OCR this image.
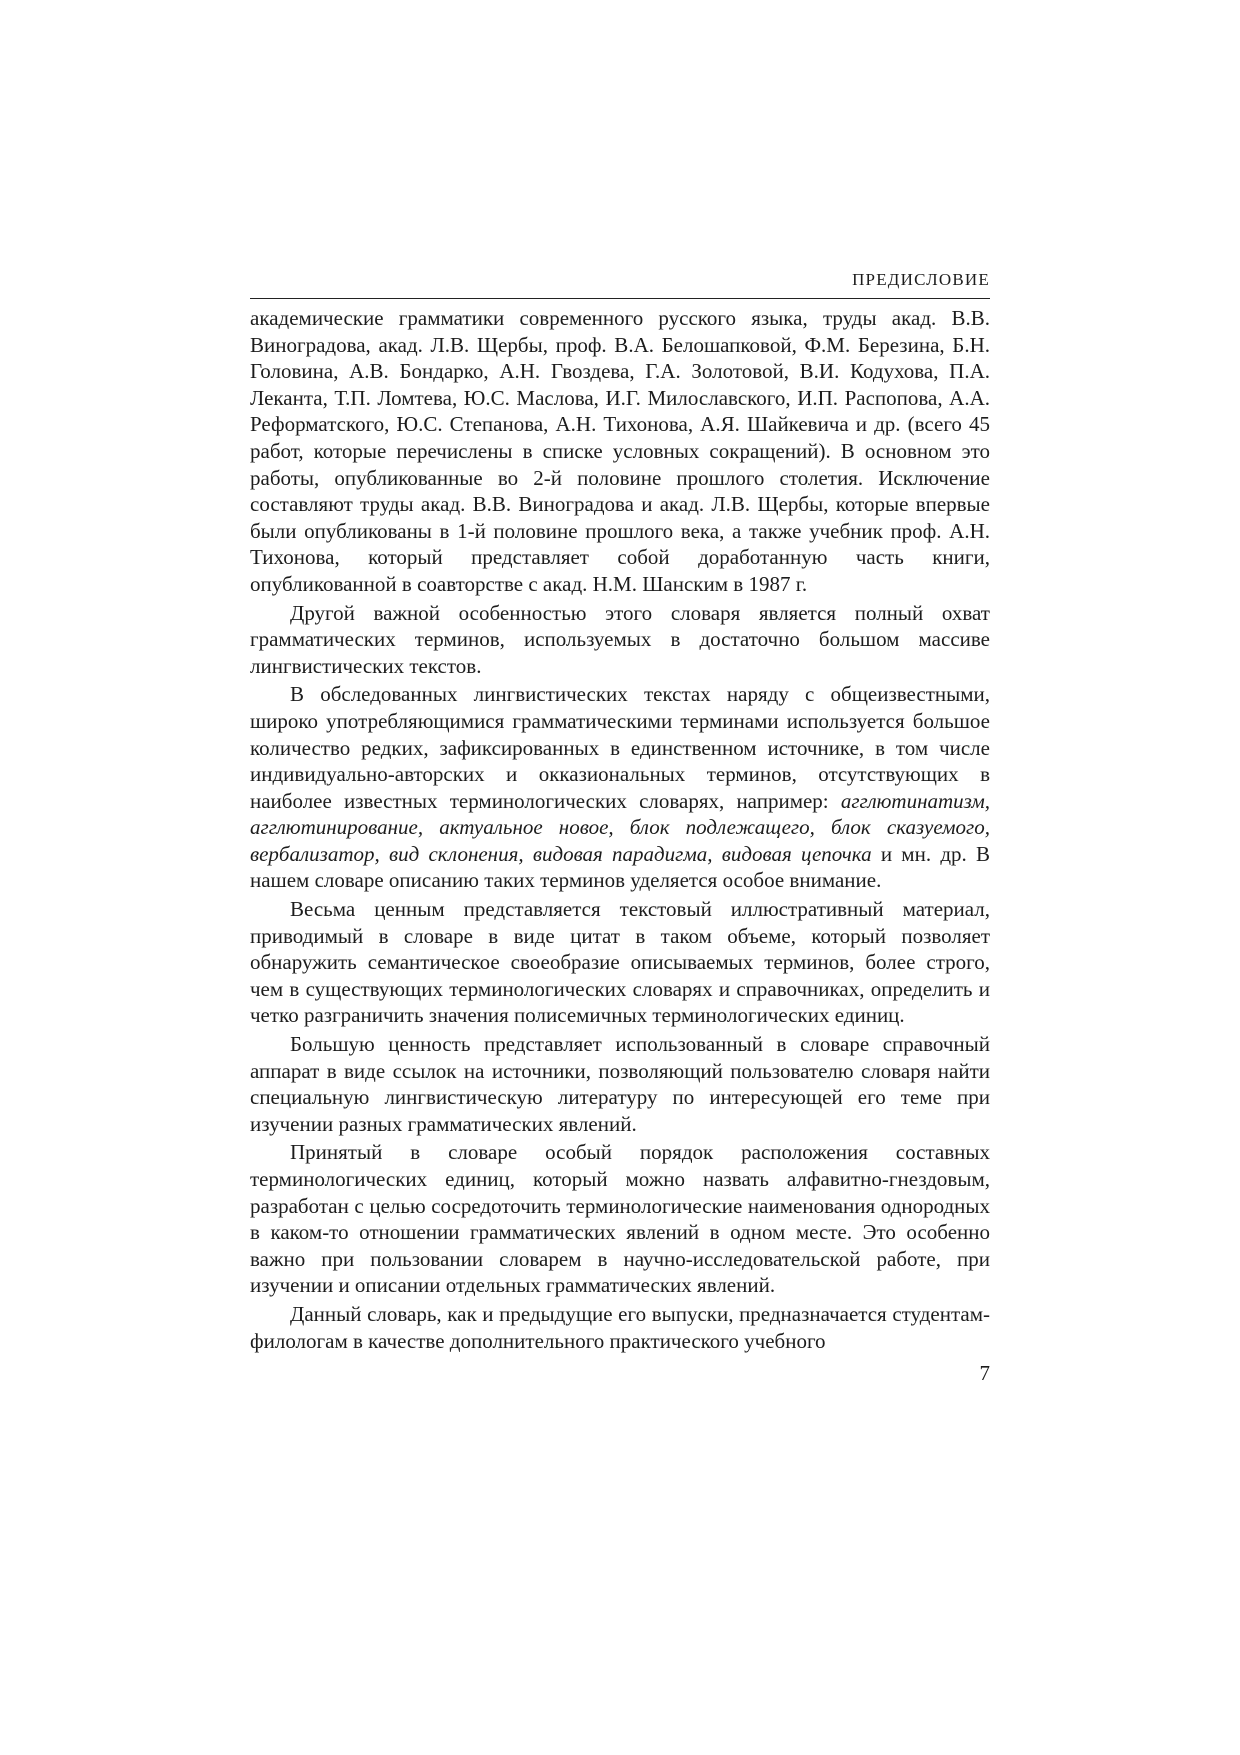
ПРЕДИСЛОВИЕ

академические грамматики современного русского языка, труды акад. В.В. Виноградова, акад. Л.В. Щербы, проф. В.А. Белошапковой, Ф.М. Березина, Б.Н. Головина, А.В. Бондарко, А.Н. Гвоздева, Г.А. Золотовой, В.И. Кодухова, П.А. Леканта, Т.П. Ломтева, Ю.С. Маслова, И.Г. Милославского, И.П. Распопова, А.А. Реформатского, Ю.С. Степанова, А.Н. Тихонова, А.Я. Шайкевича и др. (всего 45 работ, которые перечислены в списке условных сокращений). В основном это работы, опубликованные во 2-й половине прошлого столетия. Исключение составляют труды акад. В.В. Виноградова и акад. Л.В. Щербы, которые впервые были опубликованы в 1-й половине прошлого века, а также учебник проф. А.Н. Тихонова, который представляет собой доработанную часть книги, опубликованной в соавторстве с акад. Н.М. Шанским в 1987 г.

Другой важной особенностью этого словаря является полный охват грамматических терминов, используемых в достаточно большом массиве лингвистических текстов.

В обследованных лингвистических текстах наряду с общеизвестными, широко употребляющимися грамматическими терминами используется большое количество редких, зафиксированных в единственном источнике, в том числе индивидуально-авторских и окказиональных терминов, отсутствующих в наиболее известных терминологических словарях, например: агглютинатизм, агглютинирование, актуальное новое, блок подлежащего, блок сказуемого, вербализатор, вид склонения, видовая парадигма, видовая цепочка и мн. др. В нашем словаре описанию таких терминов уделяется особое внимание.

Весьма ценным представляется текстовый иллюстративный материал, приводимый в словаре в виде цитат в таком объеме, который позволяет обнаружить семантическое своеобразие описываемых терминов, более строго, чем в существующих терминологических словарях и справочниках, определить и четко разграничить значения полисемичных терминологических единиц.

Большую ценность представляет использованный в словаре справочный аппарат в виде ссылок на источники, позволяющий пользователю словаря найти специальную лингвистическую литературу по интересующей его теме при изучении разных грамматических явлений.

Принятый в словаре особый порядок расположения составных терминологических единиц, который можно назвать алфавитно-гнездовым, разработан с целью сосредоточить терминологические наименования однородных в каком-то отношении грамматических явлений в одном месте. Это особенно важно при пользовании словарем в научно-исследовательской работе, при изучении и описании отдельных грамматических явлений.

Данный словарь, как и предыдущие его выпуски, предназначается студентам-филологам в качестве дополнительного практического учебного

7
